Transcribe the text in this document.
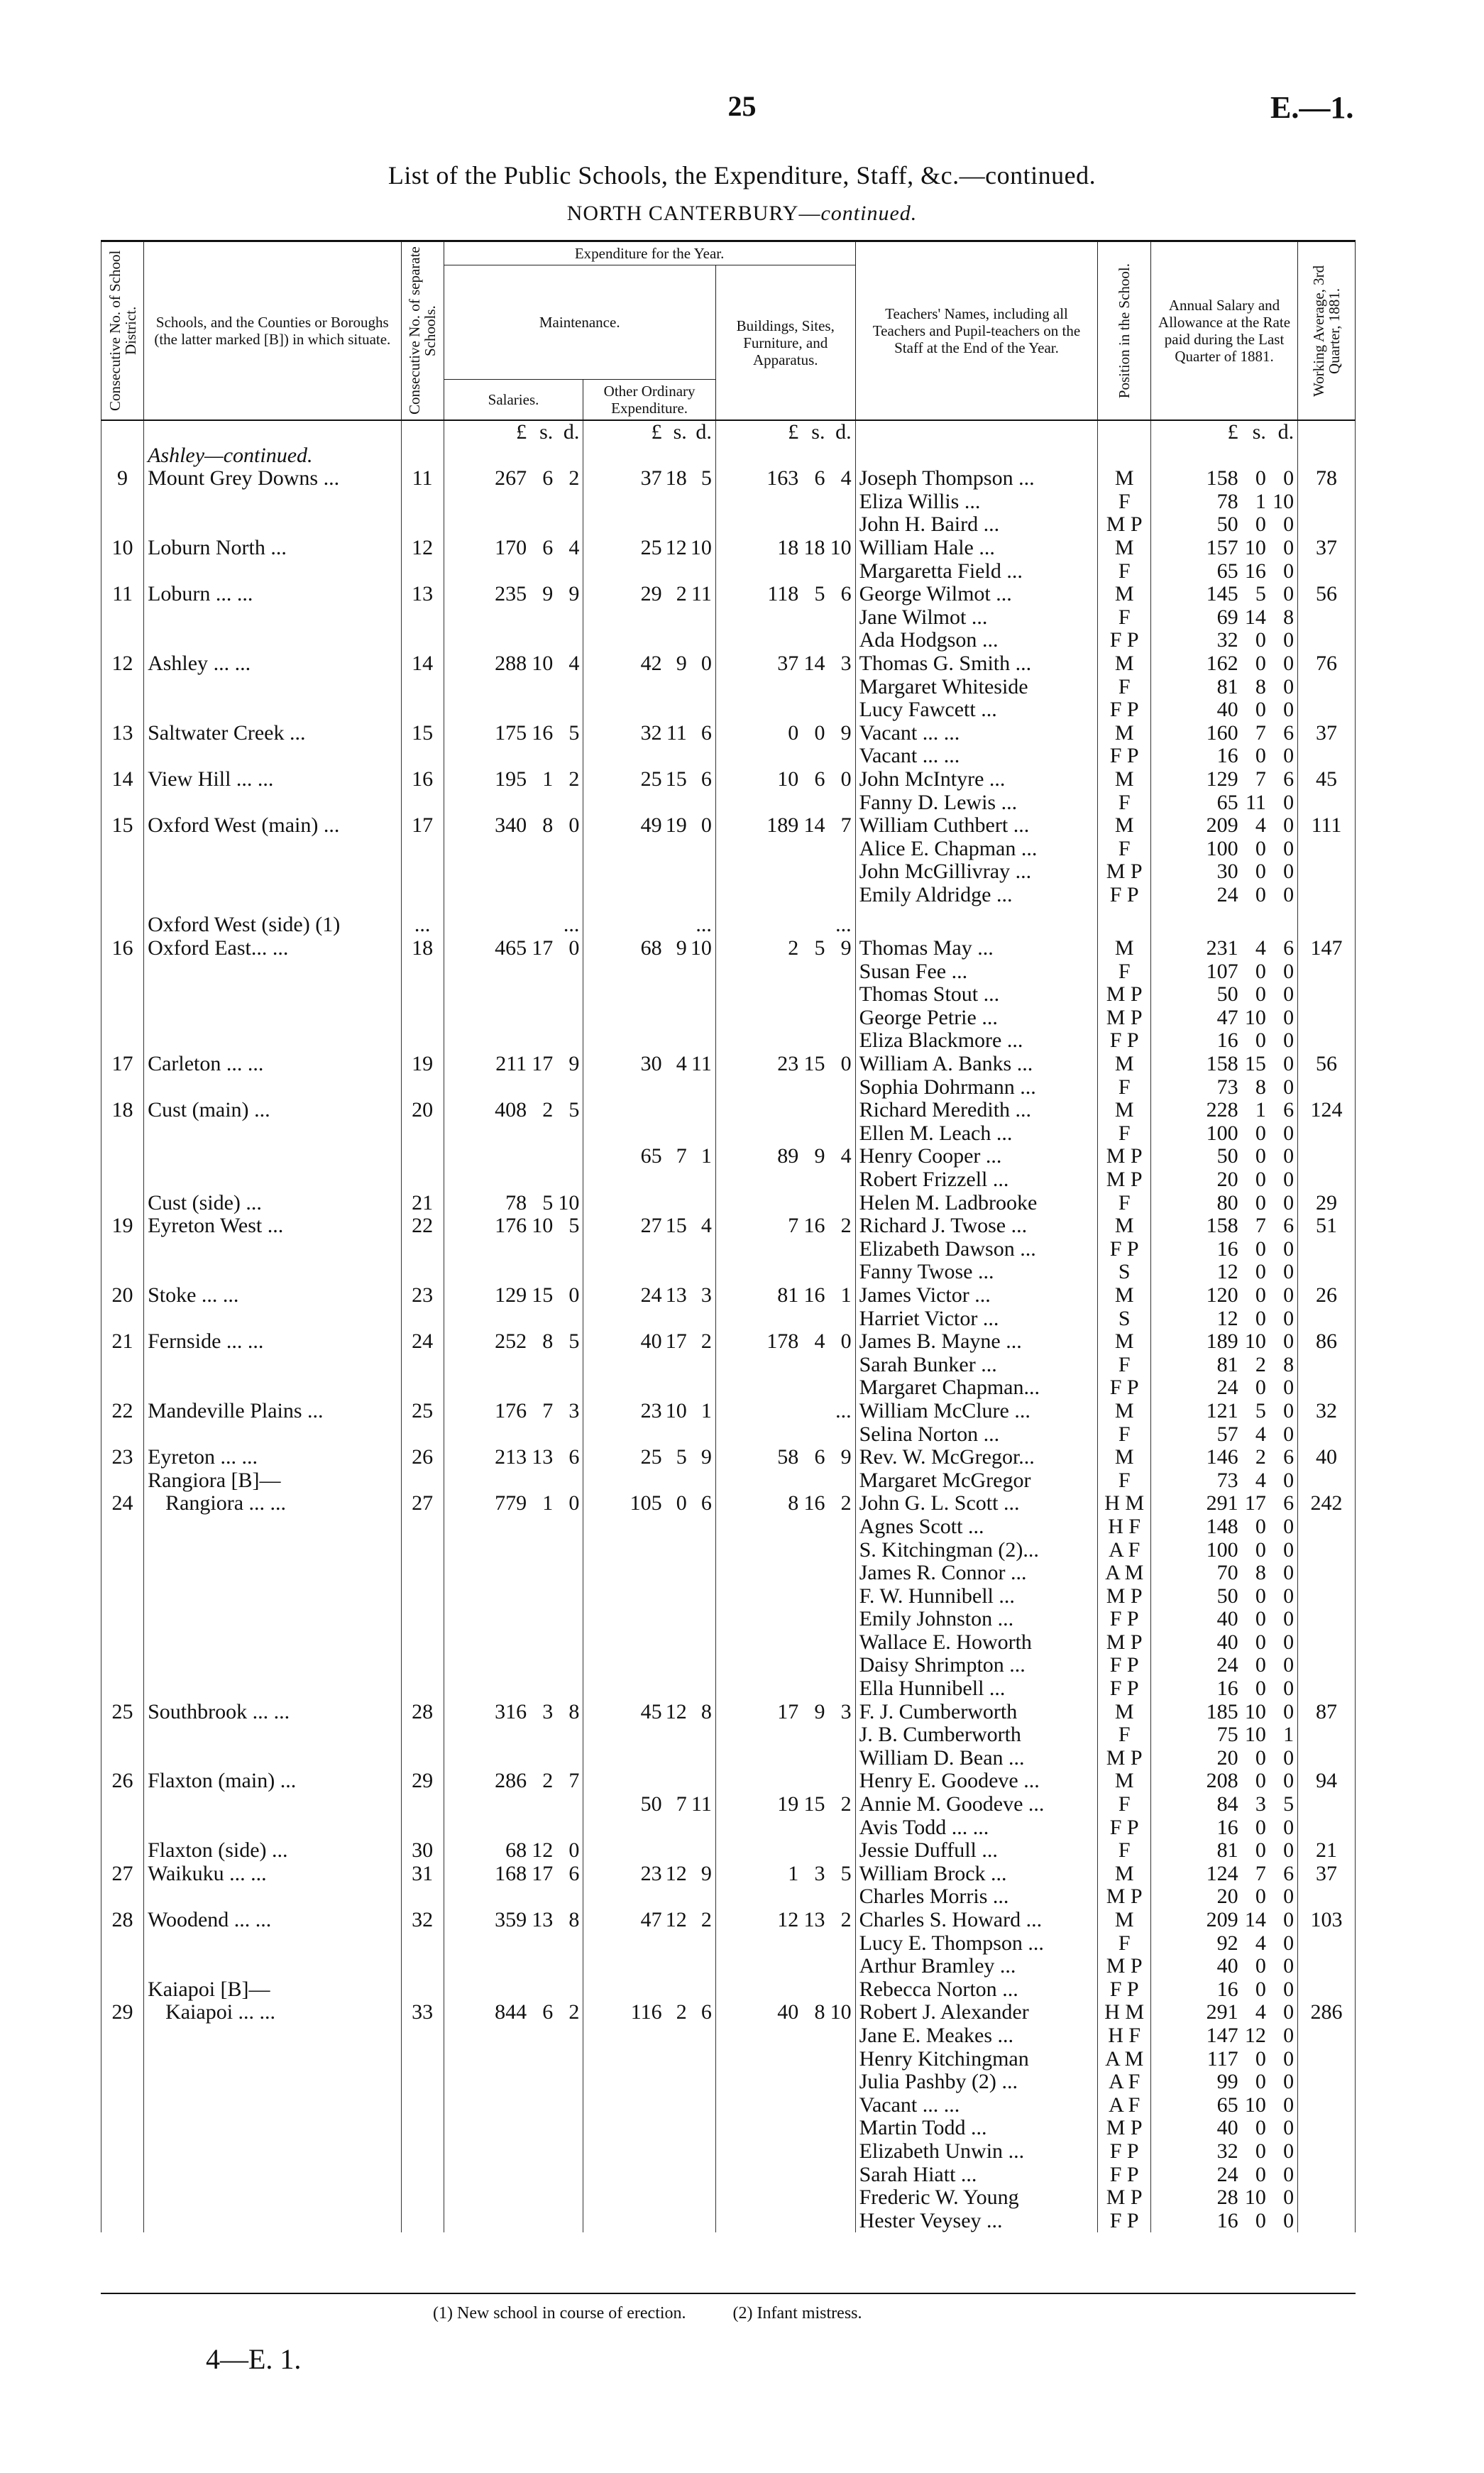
25	E.—1.
List of the Public Schools, the Expenditure, Staff, &c.—continued.
NORTH CANTERBURY—continued.
Consecutive No. of School District.	Schools, and the Counties or Boroughs (the latter marked [B]) in which situate.	Consecutive No. of separate Schools.	Expenditure for the Year.			Teachers' Names, including all Teachers and Pupil-teachers on the Staff at the End of the Year.	Position in the School.	Annual Salary and Allowance at the Rate paid during the Last Quarter of 1881.	Working Average, 3rd Quarter, 1881.

			Maintenance.		Buildings, Sites, Furniture, and Apparatus.				
			Salaries.	Other Ordinary Expenditure.					

			£ s. d.	£ s. d.	£ s. d.			£ s. d.	

	Ashley—continued.								
9	Mount Grey Downs ...	11	267 6 2	37 18 5	163 6 4	Joseph Thompson ...	M	158 0 0	78
						Eliza Willis ...	F	78 1 10	

						John H. Baird ...	M P	50 0 0	

10	Loburn North ...	12	170 6 4	25 12 10	18 18 10	William Hale ...	M	157 10 0	37
						Margaretta Field ...	F	65 16 0	

11	Loburn ... ...	13	235 9 9	29 2 11	118 5 6	George Wilmot ...	M	145 5 0	56
						Jane Wilmot ...	F	69 14 8	

						Ada Hodgson ...	F P	32 0 0	

12	Ashley ... ...	14	288 10 4	42 9 0	37 14 3	Thomas G. Smith ...	M	162 0 0	76
						Margaret Whiteside	F	81 8 0	

						Lucy Fawcett ...	F P	40 0 0	

13	Saltwater Creek ...	15	175 16 5	32 11 6	0 0 9	Vacant ... ...	M	160 7 6	37
						Vacant ... ...	F P	16 0 0	

14	View Hill ... ...	16	195 1 2	25 15 6	10 6 0	John McIntyre ...	M	129 7 6	45
						Fanny D. Lewis ...	F	65 11 0	

15	Oxford West (main) ...	17	340 8 0	49 19 0	189 14 7	William Cuthbert ...	M	209 4 0	111
						Alice E. Chapman ...	F	100 0 0	

						John McGillivray ...	M P	30 0 0	

						Emily Aldridge ...	F P	24 0 0	

	Oxford West (side) (1)	...	...	...	...				
16	Oxford East... ...	18	465 17 0	68 9 10	2 5 9	Thomas May ...	M	231 4 6	147
						Susan Fee ...	F	107 0 0	

						Thomas Stout ...	M P	50 0 0	

						George Petrie ...	M P	47 10 0	

						Eliza Blackmore ...	F P	16 0 0	

17	Carleton ... ...	19	211 17 9	30 4 11	23 15 0	William A. Banks ...	M	158 15 0	56
						Sophia Dohrmann ...	F	73 8 0	

18	Cust (main) ...	20	408 2 5			Richard Meredith ...	M	228 1 6	124
						Ellen M. Leach ...	F	100 0 0	

				65 7 1	89 9 4	Henry Cooper ...	M P	50 0 0	

						Robert Frizzell ...	M P	20 0 0	

	Cust (side) ...	21	78 5 10			Helen M. Ladbrooke	F	80 0 0	29
19	Eyreton West ...	22	176 10 5	27 15 4	7 16 2	Richard J. Twose ...	M	158 7 6	51
						Elizabeth Dawson ...	F P	16 0 0	

						Fanny Twose ...	S	12 0 0	

20	Stoke ... ...	23	129 15 0	24 13 3	81 16 1	James Victor ...	M	120 0 0	26
						Harriet Victor ...	S	12 0 0	

21	Fernside ... ...	24	252 8 5	40 17 2	178 4 0	James B. Mayne ...	M	189 10 0	86
						Sarah Bunker ...	F	81 2 8	

						Margaret Chapman...	F P	24 0 0	

22	Mandeville Plains ...	25	176 7 3	23 10 1	...	William McClure ...	M	121 5 0	32
						Selina Norton ...	F	57 4 0	

23	Eyreton ... ...	26	213 13 6	25 5 9	58 6 9	Rev. W. McGregor...	M	146 2 6	40
	Rangiora [B]—					Margaret McGregor	F	73 4 0	

24	Rangiora ... ...	27	779 1 0	105 0 6	8 16 2	John G. L. Scott ...	H M	291 17 6	242
						Agnes Scott ...	H F	148 0 0	

						S. Kitchingman (2)...	A F	100 0 0	

						James R. Connor ...	A M	70 8 0	

						F. W. Hunnibell ...	M P	50 0 0	

						Emily Johnston ...	F P	40 0 0	

						Wallace E. Howorth	M P	40 0 0	

						Daisy Shrimpton ...	F P	24 0 0	

						Ella Hunnibell ...	F P	16 0 0	

25	Southbrook ... ...	28	316 3 8	45 12 8	17 9 3	F. J. Cumberworth	M	185 10 0	87
						J. B. Cumberworth	F	75 10 1	

						William D. Bean ...	M P	20 0 0	

26	Flaxton (main) ...	29	286 2 7			Henry E. Goodeve ...	M	208 0 0	94

				50 7 11	19 15 2	Annie M. Goodeve ...	F	84 3 5	

						Avis Todd ... ...	F P	16 0 0	

	Flaxton (side) ...	30	68 12 0			Jessie Duffull ...	F	81 0 0	21
27	Waikuku ... ...	31	168 17 6	23 12 9	1 3 5	William Brock ...	M	124 7 6	37
						Charles Morris ...	M P	20 0 0	

28	Woodend ... ...	32	359 13 8	47 12 2	12 13 2	Charles S. Howard ...	M	209 14 0	103
						Lucy E. Thompson ...	F	92 4 0	

						Arthur Bramley ...	M P	40 0 0	

	Kaiapoi [B]—					Rebecca Norton ...	F P	16 0 0	

29	Kaiapoi ... ...	33	844 6 2	116 2 6	40 8 10	Robert J. Alexander	H M	291 4 0	286
						Jane E. Meakes ...	H F	147 12 0	

						Henry Kitchingman	A M	117 0 0	

						Julia Pashby (2) ...	A F	99 0 0	

						Vacant ... ...	A F	65 10 0	

						Martin Todd ...	M P	40 0 0	

						Elizabeth Unwin ...	F P	32 0 0	

						Sarah Hiatt ...	F P	24 0 0	

						Frederic W. Young	M P	28 10 0	

						Hester Veysey ...	F P	16 0 0	

(1) New school in course of erection.	(2) Infant mistress.
4—E. 1.
